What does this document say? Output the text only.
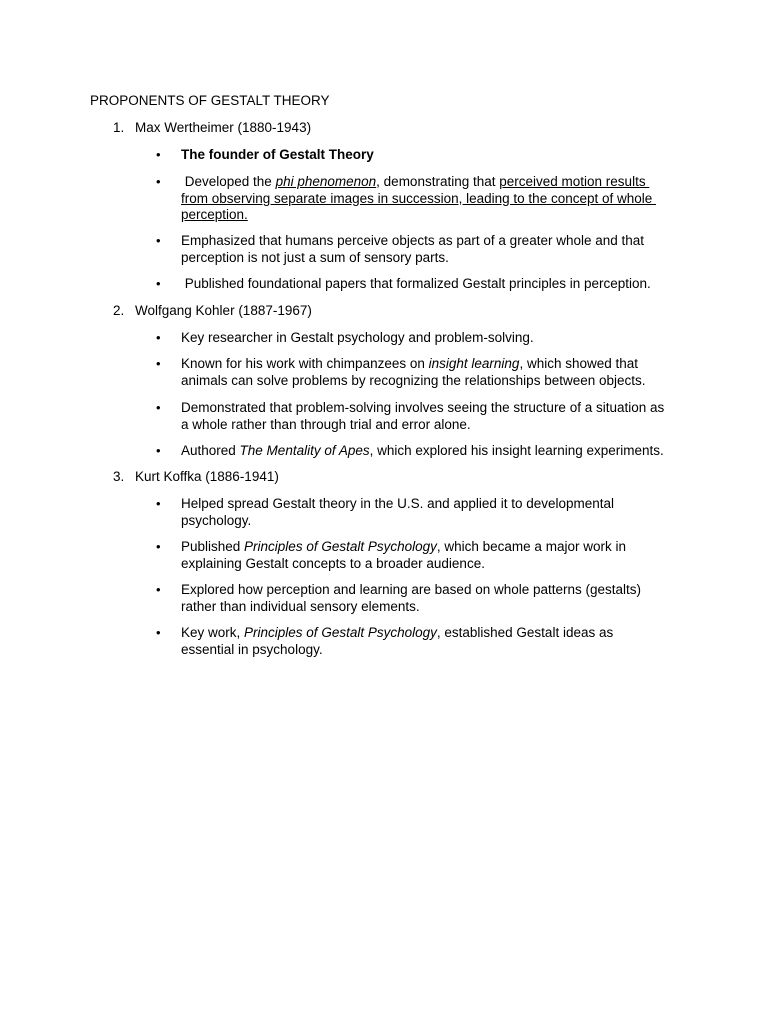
PROPONENTS OF GESTALT THEORY
1. Max Wertheimer (1880-1943)
• The founder of Gestalt Theory
• Developed the phi phenomenon, demonstrating that perceived motion results
from observing separate images in succession, leading to the concept of whole
perception.
• Emphasized that humans perceive objects as part of a greater whole and that
perception is not just a sum of sensory parts.
• Published foundational papers that formalized Gestalt principles in perception.
2. Wolfgang Kohler (1887-1967)
• Key researcher in Gestalt psychology and problem-solving.
• Known for his work with chimpanzees on insight learning, which showed that
animals can solve problems by recognizing the relationships between objects.
• Demonstrated that problem-solving involves seeing the structure of a situation as
a whole rather than through trial and error alone.
• Authored The Mentality of Apes, which explored his insight learning experiments.
3. Kurt Koffka (1886-1941)
• Helped spread Gestalt theory in the U.S. and applied it to developmental
psychology.
• Published Principles of Gestalt Psychology, which became a major work in
explaining Gestalt concepts to a broader audience.
• Explored how perception and learning are based on whole patterns (gestalts)
rather than individual sensory elements.
• Key work, Principles of Gestalt Psychology, established Gestalt ideas as
essential in psychology.
